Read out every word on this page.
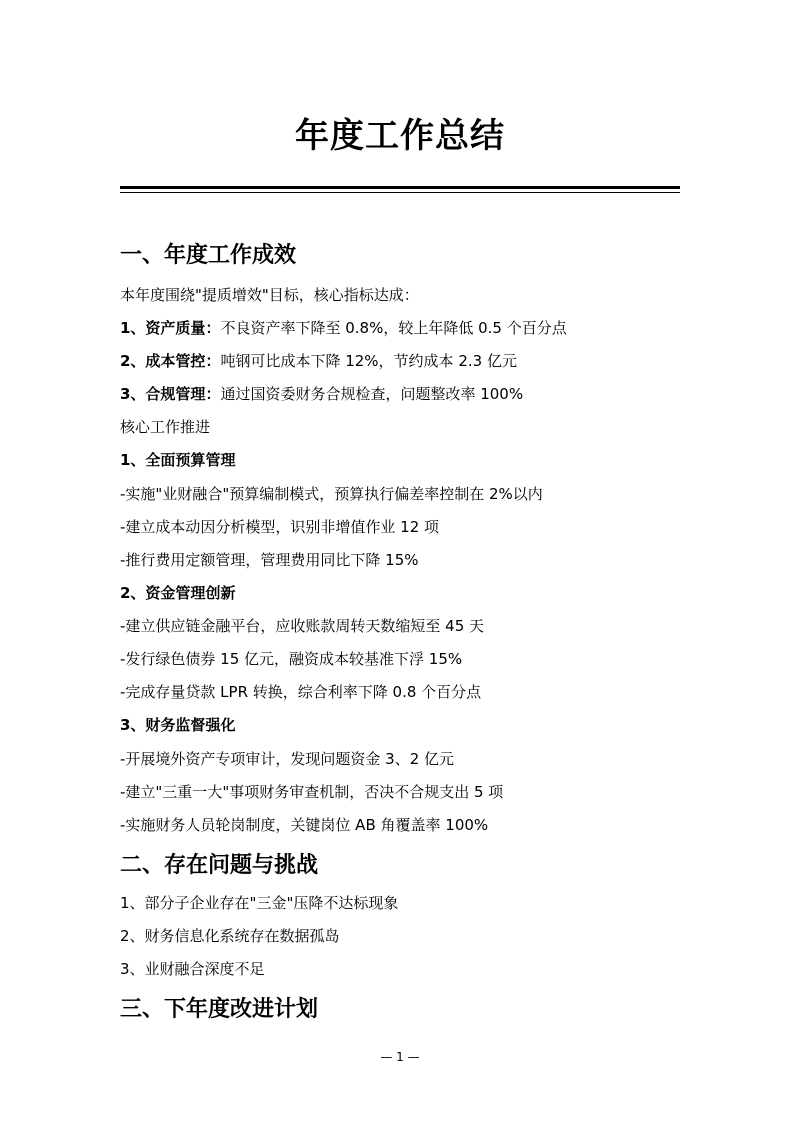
年度工作总结
一、年度工作成效
本年度围绕"提质增效"目标，核心指标达成：
1、资产质量：不良资产率下降至 0.8%，较上年降低 0.5 个百分点
2、成本管控：吨钢可比成本下降 12%，节约成本 2.3 亿元
3、合规管理：通过国资委财务合规检查，问题整改率 100%
核心工作推进
1、全面预算管理
-实施"业财融合"预算编制模式，预算执行偏差率控制在 2%以内
-建立成本动因分析模型，识别非增值作业 12 项
-推行费用定额管理，管理费用同比下降 15%
2、资金管理创新
-建立供应链金融平台，应收账款周转天数缩短至 45 天
-发行绿色债券 15 亿元，融资成本较基准下浮 15%
-完成存量贷款 LPR 转换，综合利率下降 0.8 个百分点
3、财务监督强化
-开展境外资产专项审计，发现问题资金 3、2 亿元
-建立"三重一大"事项财务审查机制，否决不合规支出 5 项
-实施财务人员轮岗制度，关键岗位 AB 角覆盖率 100%
二、存在问题与挑战
1、部分子企业存在"三金"压降不达标现象
2、财务信息化系统存在数据孤岛
3、业财融合深度不足
三、下年度改进计划
— 1 —
